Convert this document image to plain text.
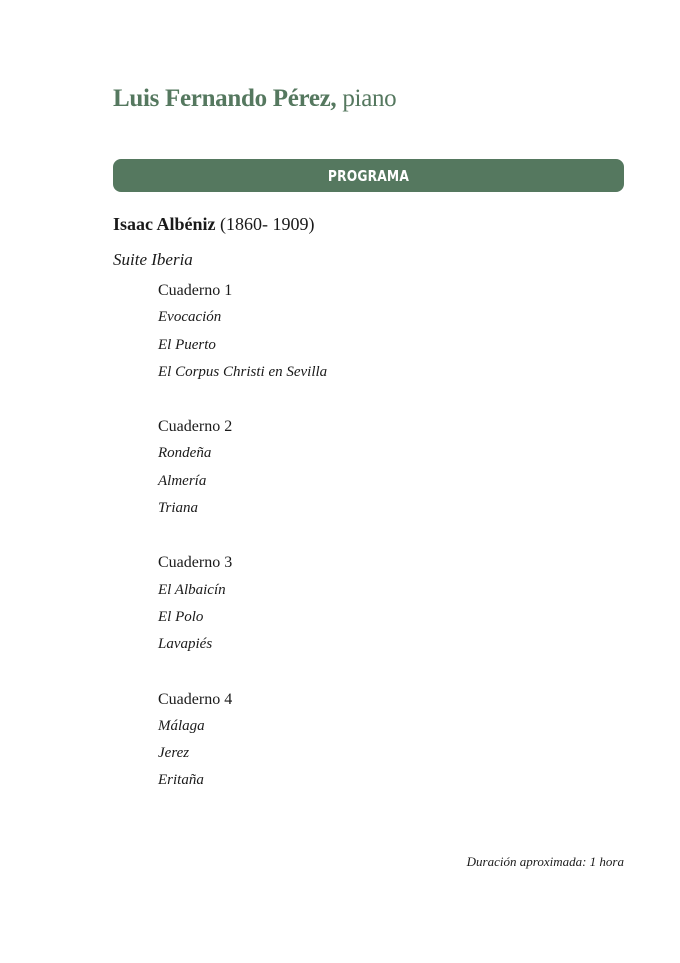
Luis Fernando Pérez, piano
PROGRAMA
Isaac Albéniz (1860- 1909)
Suite Iberia
Cuaderno 1
Evocación
El Puerto
El Corpus Christi en Sevilla
Cuaderno 2
Rondeña
Almería
Triana
Cuaderno 3
El Albaicín
El Polo
Lavapiés
Cuaderno 4
Málaga
Jerez
Eritaña
Duración aproximada: 1 hora
